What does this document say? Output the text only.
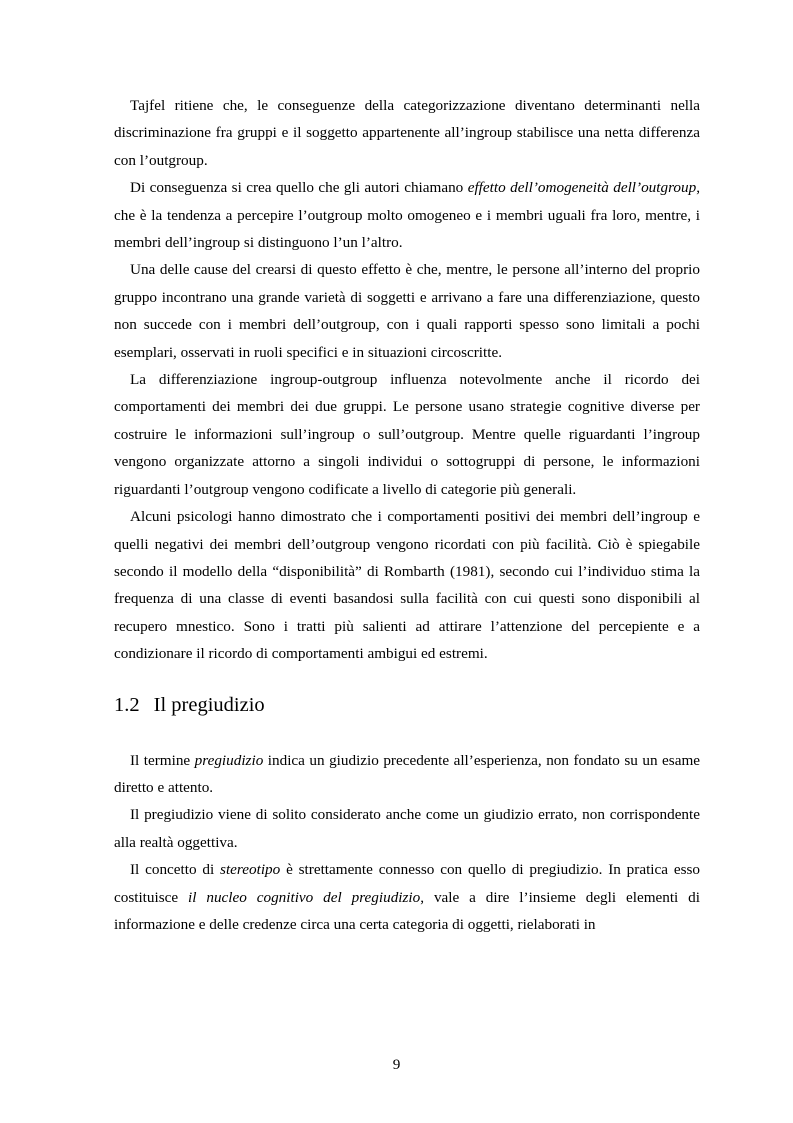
Tajfel ritiene che, le conseguenze della categorizzazione diventano determinanti nella discriminazione fra gruppi e il soggetto appartenente all’ingroup stabilisce una netta differenza con l’outgroup.

Di conseguenza si crea quello che gli autori chiamano effetto dell’omogeneità dell’outgroup, che è la tendenza a percepire l’outgroup molto omogeneo e i membri uguali fra loro, mentre, i membri dell’ingroup si distinguono l’un l’altro.

Una delle cause del crearsi di questo effetto è che, mentre, le persone all’interno del proprio gruppo incontrano una grande varietà di soggetti e arrivano a fare una differenziazione, questo non succede con i membri dell’outgroup, con i quali rapporti spesso sono limitali a pochi esemplari, osservati in ruoli specifici e in situazioni circoscritte.

La differenziazione ingroup-outgroup influenza notevolmente anche il ricordo dei comportamenti dei membri dei due gruppi. Le persone usano strategie cognitive diverse per costruire le informazioni sull’ingroup o sull’outgroup. Mentre quelle riguardanti l’ingroup vengono organizzate attorno a singoli individui o sottogruppi di persone, le informazioni riguardanti l’outgroup vengono codificate a livello di categorie più generali.

Alcuni psicologi hanno dimostrato che i comportamenti positivi dei membri dell’ingroup e quelli negativi dei membri dell’outgroup vengono ricordati con più facilità. Ciò è spiegabile secondo il modello della “disponibilità” di Rombarth (1981), secondo cui l’individuo stima la frequenza di una classe di eventi basandosi sulla facilità con cui questi sono disponibili al recupero mnestico. Sono i tratti più salienti ad attirare l’attenzione del percepiente e a condizionare il ricordo di comportamenti ambigui ed estremi.

1.2 Il pregiudizio

Il termine pregiudizio indica un giudizio precedente all’esperienza, non fondato su un esame diretto e attento.

Il pregiudizio viene di solito considerato anche come un giudizio errato, non corrispondente alla realtà oggettiva.

Il concetto di stereotipo è strettamente connesso con quello di pregiudizio. In pratica esso costituisce il nucleo cognitivo del pregiudizio, vale a dire l’insieme degli elementi di informazione e delle credenze circa una certa categoria di oggetti, rielaborati in

9
